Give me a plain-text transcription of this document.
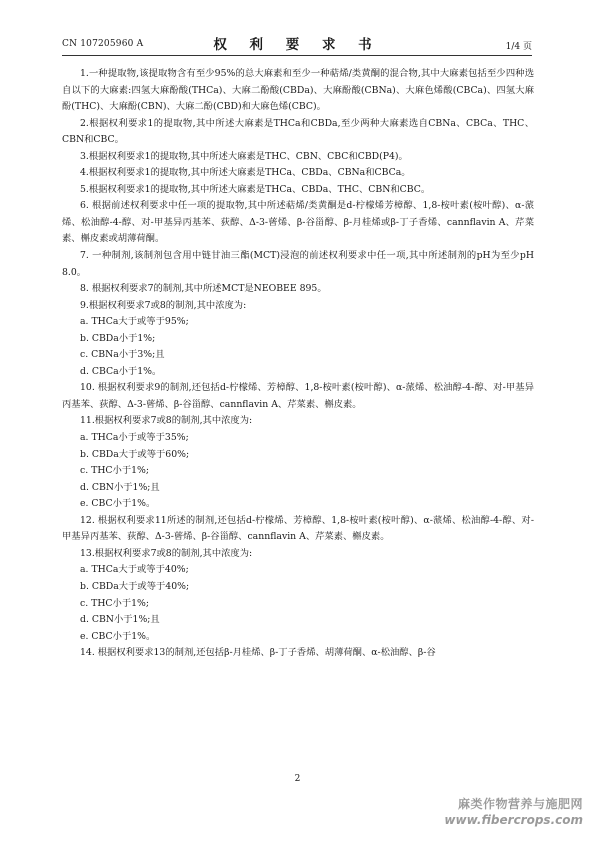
CN 107205960 A	权 利 要 求 书	1/4 页

1.一种提取物,该提取物含有至少95%的总大麻素和至少一种萜烯/类黄酮的混合物,其中大麻素包括至少四种选自以下的大麻素:四氢大麻酚酸(THCa)、大麻二酚酸(CBDa)、大麻酚酸(CBNa)、大麻色烯酸(CBCa)、四氢大麻酚(THC)、大麻酚(CBN)、大麻二酚(CBD)和大麻色烯(CBC)。

2.根据权利要求1的提取物,其中所述大麻素是THCa和CBDa,至少两种大麻素选自CBNa、CBCa、THC、CBN和CBC。

3.根据权利要求1的提取物,其中所述大麻素是THC、CBN、CBC和CBD(P4)。

4.根据权利要求1的提取物,其中所述大麻素是THCa、CBDa、CBNa和CBCa。

5.根据权利要求1的提取物,其中所述大麻素是THCa、CBDa、THC、CBN和CBC。

6. 根据前述权利要求中任一项的提取物,其中所述萜烯/类黄酮是d-柠檬烯芳樟醇、1,8-桉叶素(桉叶醇)、α-蒎烯、松油醇-4-醇、对-甲基异丙基苯、荻醇、Δ-3-蒈烯、β-谷甾醇、β-月桂烯或β-丁子香烯、cannflavin A、芹菜素、槲皮素或胡薄荷酮。

7. 一种制剂,该制剂包含用中链甘油三酯(MCT)浸泡的前述权利要求中任一项,其中所述制剂的pH为至少pH 8.0。

8. 根据权利要求7的制剂,其中所述MCT是NEOBEE 895。

9.根据权利要求7或8的制剂,其中浓度为:

a. THCa大于或等于95%;

b. CBDa小于1%;

c. CBNa小于3%;且

d. CBCa小于1%。

10. 根据权利要求9的制剂,还包括d-柠檬烯、芳樟醇、1,8-桉叶素(桉叶醇)、α-蒎烯、松油醇-4-醇、对-甲基异丙基苯、荻醇、Δ-3-蒈烯、β-谷甾醇、cannflavin A、芹菜素、槲皮素。

11.根据权利要求7或8的制剂,其中浓度为:

a. THCa小于或等于35%;

b. CBDa大于或等于60%;

c. THC小于1%;

d. CBN小于1%;且

e. CBC小于1%。

12. 根据权利要求11所述的制剂,还包括d-柠檬烯、芳樟醇、1,8-桉叶素(桉叶醇)、α-蒎烯、松油醇-4-醇、对-甲基异丙基苯、荻醇、Δ-3-蒈烯、β-谷甾醇、cannflavin A、芹菜素、槲皮素。

13.根据权利要求7或8的制剂,其中浓度为:

a. THCa大于或等于40%;

b. CBDa大于或等于40%;

c. THC小于1%;

d. CBN小于1%;且

e. CBC小于1%。

14. 根据权利要求13的制剂,还包括β-月桂烯、β-丁子香烯、胡薄荷酮、α-松油醇、β-谷

2
麻类作物营养与施肥网
www.fibercrops.com
